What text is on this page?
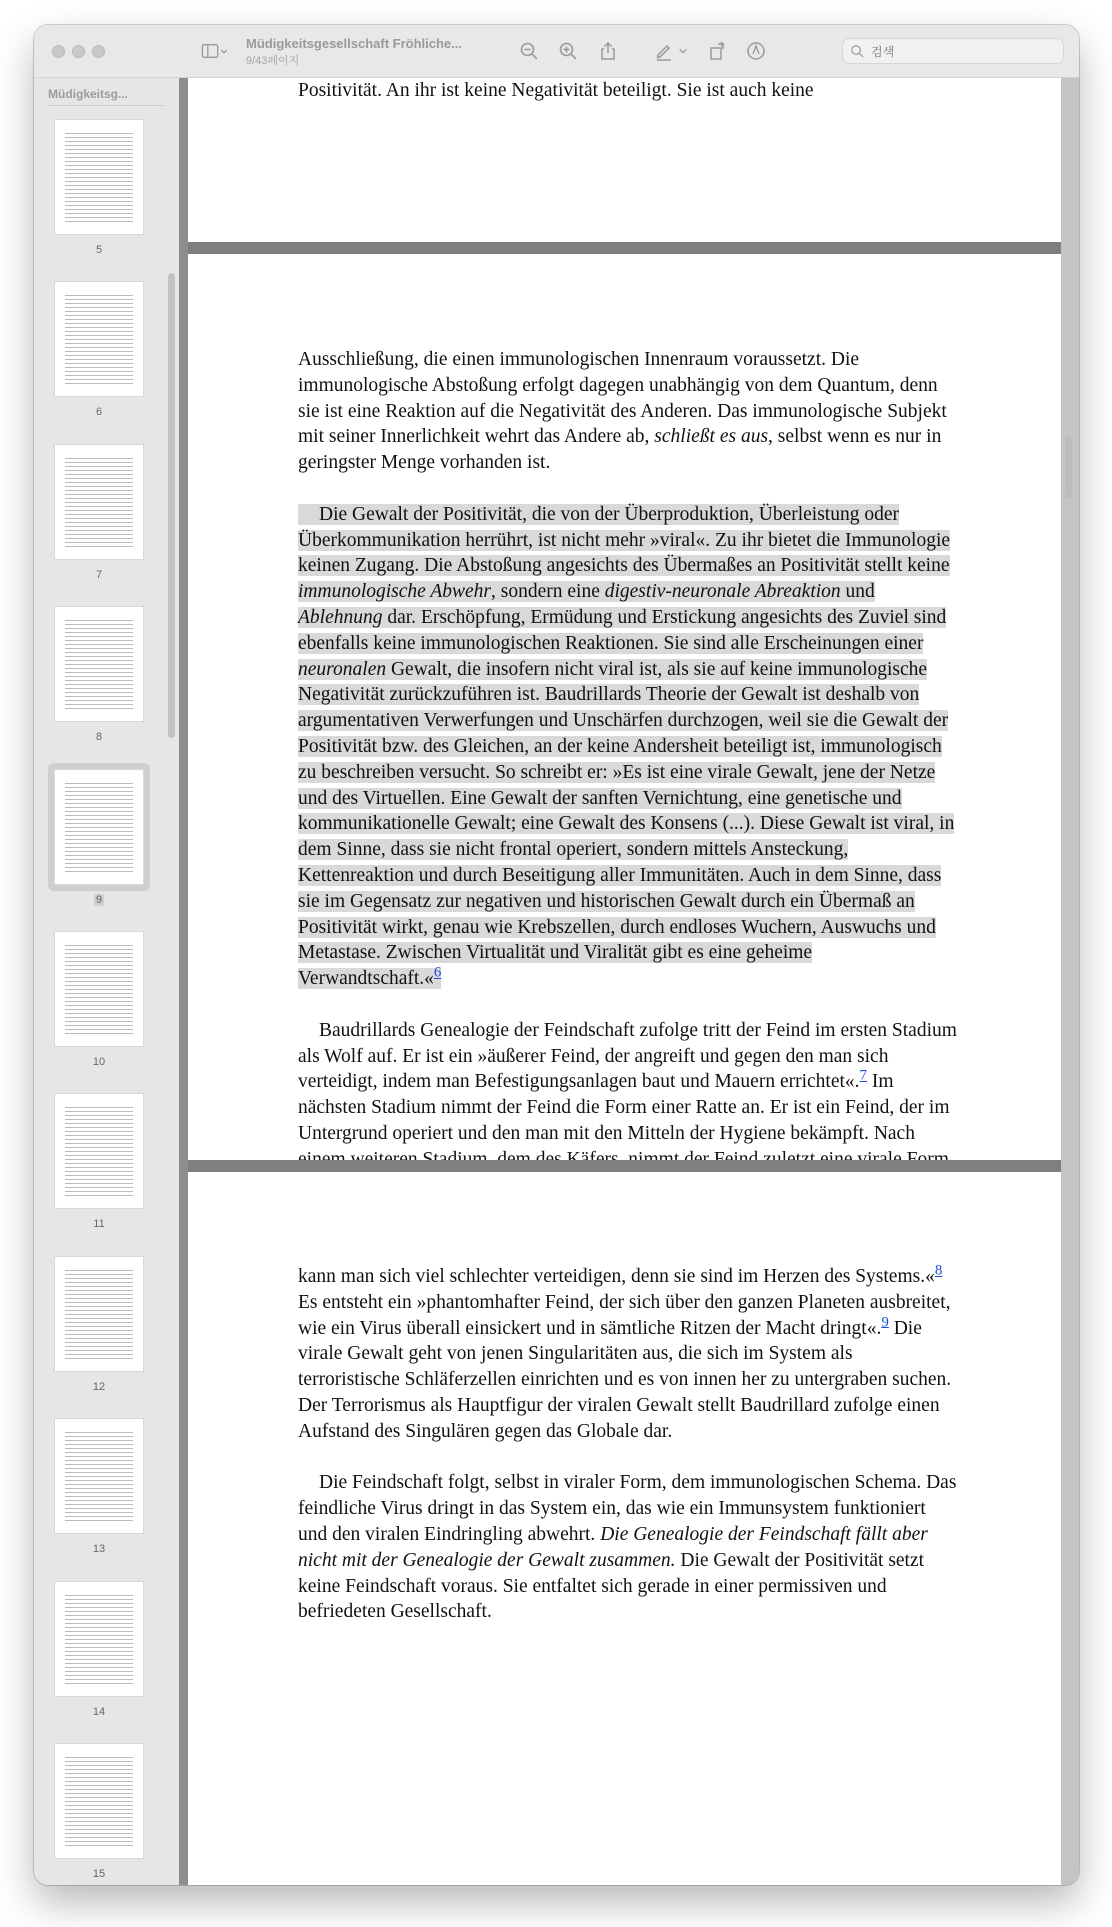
Müdigkeitsgesellschaft Fröhliche...
9/43페이지
검색
Müdigkeitsg...
5
6
7
8
9
10
11
12
13
14
15

Positivität. An ihr ist keine Negativität beteiligt. Sie ist auch keine

Ausschließung, die einen immunologischen Innenraum voraussetzt. Die immunologische Abstoßung erfolgt dagegen unabhängig von dem Quantum, denn sie ist eine Reaktion auf die Negativität des Anderen. Das immunologische Subjekt mit seiner Innerlichkeit wehrt das Andere ab, schließt es aus, selbst wenn es nur in geringster Menge vorhanden ist.

Die Gewalt der Positivität, die von der Überproduktion, Überleistung oder Überkommunikation herrührt, ist nicht mehr »viral«. Zu ihr bietet die Immunologie keinen Zugang. Die Abstoßung angesichts des Übermaßes an Positivität stellt keine immunologische Abwehr, sondern eine digestiv-neuronale Abreaktion und Ablehnung dar. Erschöpfung, Ermüdung und Erstickung angesichts des Zuviel sind ebenfalls keine immunologischen Reaktionen. Sie sind alle Erscheinungen einer neuronalen Gewalt, die insofern nicht viral ist, als sie auf keine immunologische Negativität zurückzuführen ist. Baudrillards Theorie der Gewalt ist deshalb von argumentativen Verwerfungen und Unschärfen durchzogen, weil sie die Gewalt der Positivität bzw. des Gleichen, an der keine Andersheit beteiligt ist, immunologisch zu beschreiben versucht. So schreibt er: »Es ist eine virale Gewalt, jene der Netze und des Virtuellen. Eine Gewalt der sanften Vernichtung, eine genetische und kommunikationelle Gewalt; eine Gewalt des Konsens (...). Diese Gewalt ist viral, in dem Sinne, dass sie nicht frontal operiert, sondern mittels Ansteckung, Kettenreaktion und durch Beseitigung aller Immunitäten. Auch in dem Sinne, dass sie im Gegensatz zur negativen und historischen Gewalt durch ein Übermaß an Positivität wirkt, genau wie Krebszellen, durch endloses Wuchern, Auswuchs und Metastase. Zwischen Virtualität und Viralität gibt es eine geheime Verwandtschaft.«$^6$

Baudrillards Genealogie der Feindschaft zufolge tritt der Feind im ersten Stadium als Wolf auf. Er ist ein »äußerer Feind, der angreift und gegen den man sich verteidigt, indem man Befestigungsanlagen baut und Mauern errichtet«.$^7$ Im nächsten Stadium nimmt der Feind die Form einer Ratte an. Er ist ein Feind, der im Untergrund operiert und den man mit den Mitteln der Hygiene bekämpft. Nach

kann man sich viel schlechter verteidigen, denn sie sind im Herzen des Systems.«$^8$ Es entsteht ein »phantomhafter Feind, der sich über den ganzen Planeten ausbreitet, wie ein Virus überall einsickert und in sämtliche Ritzen der Macht dringt«.$^9$ Die virale Gewalt geht von jenen Singularitäten aus, die sich im System als terroristische Schläferzellen einrichten und es von innen her zu untergraben suchen. Der Terrorismus als Hauptfigur der viralen Gewalt stellt Baudrillard zufolge einen Aufstand des Singulären gegen das Globale dar.

Die Feindschaft folgt, selbst in viraler Form, dem immunologischen Schema. Das feindliche Virus dringt in das System ein, das wie ein Immunsystem funktioniert und den viralen Eindringling abwehrt. Die Genealogie der Feindschaft fällt aber nicht mit der Genealogie der Gewalt zusammen. Die Gewalt der Positivität setzt keine Feindschaft voraus. Sie entfaltet sich gerade in einer permissiven und befriedeten Gesellschaft.
